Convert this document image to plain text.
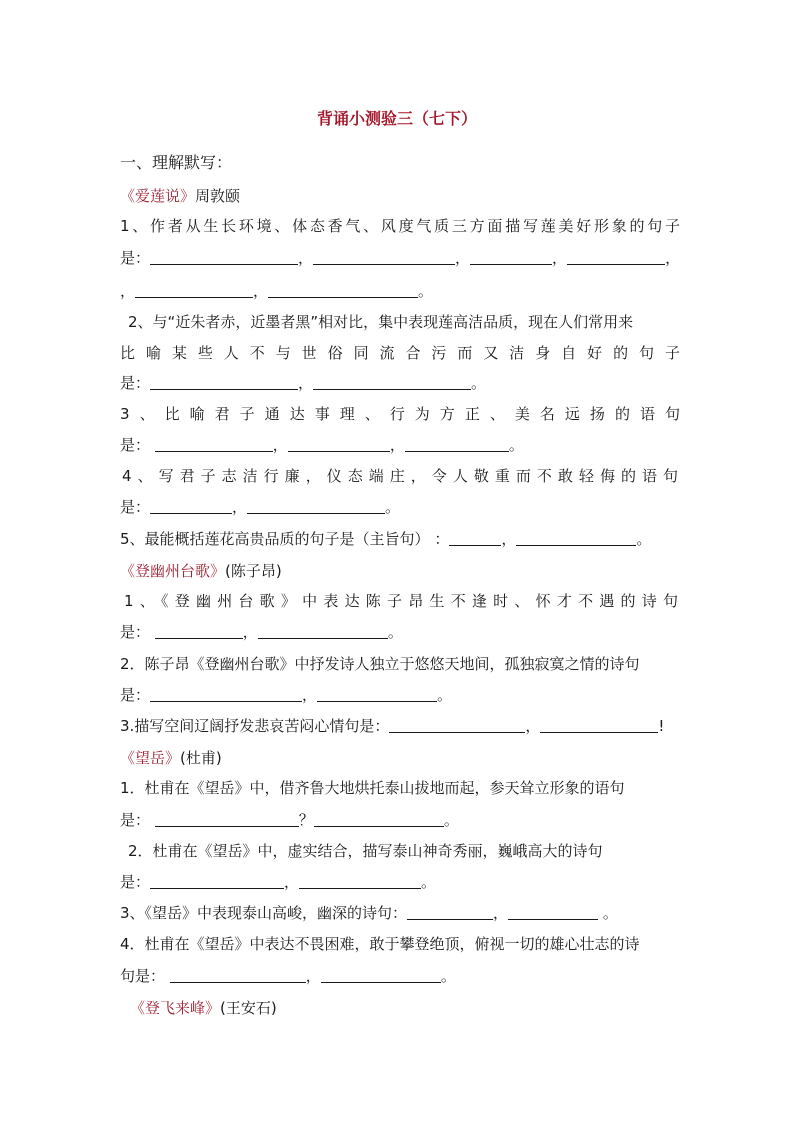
背诵小测验三（七下）
一、理解默写：
《爱莲说》周敦颐
1、作者从生长环境、体态香气、风度气质三方面描写莲美好形象的句子
是：	，	，	，	，
，	，	。
2、与“近朱者赤，近墨者黑”相对比，集中表现莲高洁品质，现在人们常用来
比喻某些人不与世俗同流合污而又洁身自好的句子
是：	，	。
3、比喻君子通达事理、行为方正、美名远扬的语句
是：	，	，	。
4、写君子志洁行廉，仪态端庄，令人敬重而不敢轻侮的语句
是：	，	。
5、最能概括莲花高贵品质的句子是（主旨句） ：	，	。
《登幽州台歌》(陈子昂)
1、《登幽州台歌》中表达陈子昂生不逢时、怀才不遇的诗句
是：	，	。
2．陈子昂《登幽州台歌》中抒发诗人独立于悠悠天地间，孤独寂寞之情的诗句
是：	，	。
3.描写空间辽阔抒发悲哀苦闷心情句是：	，	!
《望岳》(杜甫)
1．杜甫在《望岳》中，借齐鲁大地烘托泰山拔地而起，参天耸立形象的语句
是：	？	。
2．杜甫在《望岳》中，虚实结合，描写泰山神奇秀丽，巍峨高大的诗句
是：	，	。
3、《望岳》中表现泰山高峻，幽深的诗句：	，	。
4．杜甫在《望岳》中表达不畏困难，敢于攀登绝顶，俯视一切的雄心壮志的诗
句是：	，	。
《登飞来峰》(王安石)
